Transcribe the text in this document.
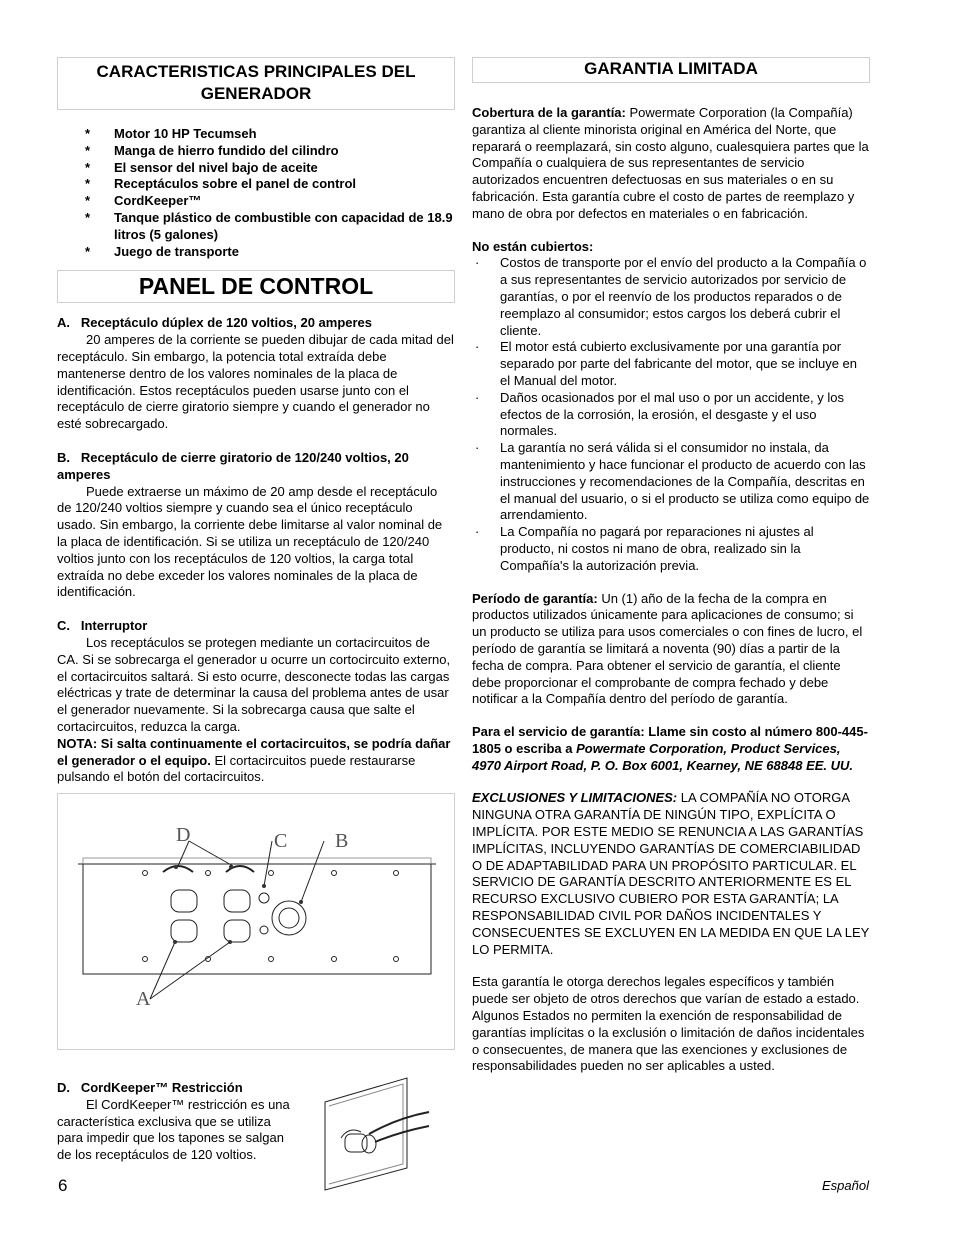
CARACTERISTICAS PRINCIPALES DEL GENERADOR
* Motor 10 HP Tecumseh
* Manga de hierro fundido del cilindro
* El sensor del nivel bajo de aceite
* Receptáculos sobre el panel de control
* CordKeeper™
* Tanque plástico de combustible con capacidad de 18.9 litros (5 galones)
* Juego de transporte
PANEL DE CONTROL
A.   Receptáculo dúplex de 120 voltios, 20 amperes
20 amperes de la corriente se pueden dibujar de cada mitad del receptáculo. Sin embargo, la potencia total extraída debe mantenerse dentro de los valores nominales de la placa de identificación. Estos receptáculos pueden usarse junto con el receptáculo de cierre giratorio siempre y cuando el generador no esté sobrecargado.
B.   Receptáculo de cierre giratorio de 120/240 voltios, 20 amperes
Puede extraerse un máximo de 20 amp desde el receptáculo de 120/240 voltios siempre y cuando sea el único receptáculo usado. Sin embargo, la corriente debe limitarse al valor nominal de la placa de identificación. Si se utiliza un receptáculo de 120/240 voltios junto con los receptáculos de 120 voltios, la carga total extraída no debe exceder los valores nominales de la placa de identificación.
C.   Interruptor
Los receptáculos se protegen mediante un cortacircuitos de CA. Si se sobrecarga el generador u ocurre un cortocircuito externo, el cortacircuitos saltará. Si esto ocurre, desconecte todas las cargas eléctricas y trate de determinar la causa del problema antes de usar el generador nuevamente. Si la sobrecarga causa que salte el cortacircuitos, reduzca la carga.
NOTA: Si salta continuamente el cortacircuitos, se podría dañar el generador o el equipo. El cortacircuitos puede restaurarse pulsando el botón del cortacircuitos.
D	C B
A
D.   CordKeeper™ Restricción
El CordKeeper™ restricción es una característica exclusiva que se utiliza para impedir que los tapones se salgan de los receptáculos de 120 voltios.
GARANTIA LIMITADA
Cobertura de la garantía: Powermate Corporation (la Compañía) garantiza al cliente minorista original en América del Norte, que reparará o reemplazará, sin costo alguno, cualesquiera partes que la Compañía o cualquiera de sus representantes de servicio autorizados encuentren defectuosas en sus materiales o en su fabricación. Esta garantía cubre el costo de partes de reemplazo y mano de obra por defectos en materiales o en fabricación.
No están cubiertos:
· Costos de transporte por el envío del producto a la Compañía o a sus representantes de servicio autorizados por servicio de garantías, o por el reenvío de los productos reparados o de reemplazo al consumidor; estos cargos los deberá cubrir el cliente.
· El motor está cubierto exclusivamente por una garantía por separado por parte del fabricante del motor, que se incluye en el Manual del motor.
· Daños ocasionados por el mal uso o por un accidente, y los efectos de la corrosión, la erosión, el desgaste y el uso normales.
· La garantía no será válida si el consumidor no instala, da mantenimiento y hace funcionar el producto de acuerdo con las instrucciones y recomendaciones de la Compañía, descritas en el manual del usuario, o si el producto se utiliza como equipo de arrendamiento.
· La Compañía no pagará por reparaciones ni ajustes al producto, ni costos ni mano de obra, realizado sin la Compañía's la autorización previa.
Período de garantía: Un (1) año de la fecha de la compra en productos utilizados únicamente para aplicaciones de consumo; si un producto se utiliza para usos comerciales o con fines de lucro, el período de garantía se limitará a noventa (90) días a partir de la fecha de compra. Para obtener el servicio de garantía, el cliente debe proporcionar el comprobante de compra fechado y debe notificar a la Compañía dentro del período de garantía.
Para el servicio de garantía: Llame sin costo al número 800-445-1805 o escriba a Powermate Corporation, Product Services, 4970 Airport Road, P. O. Box 6001, Kearney, NE 68848 EE. UU.
EXCLUSIONES Y LIMITACIONES: LA COMPAÑÍA NO OTORGA NINGUNA OTRA GARANTÍA DE NINGÚN TIPO, EXPLÍCITA O IMPLÍCITA. POR ESTE MEDIO SE RENUNCIA A LAS GARANTÍAS IMPLÍCITAS, INCLUYENDO GARANTÍAS DE COMERCIABILIDAD O DE ADAPTABILIDAD PARA UN PROPÓSITO PARTICULAR. EL SERVICIO DE GARANTÍA DESCRITO ANTERIORMENTE ES EL RECURSO EXCLUSIVO CUBIERO POR ESTA GARANTÍA; LA RESPONSABILIDAD CIVIL POR DAÑOS INCIDENTALES Y CONSECUENTES SE EXCLUYEN EN LA MEDIDA EN QUE LA LEY LO PERMITA.
Esta garantía le otorga derechos legales específicos y también puede ser objeto de otros derechos que varían de estado a estado. Algunos Estados no permiten la exención de responsabilidad de garantías implícitas o la exclusión o limitación de daños incidentales o consecuentes, de manera que las exenciones y exclusiones de responsabilidades pueden no ser aplicables a usted.
6	Español
